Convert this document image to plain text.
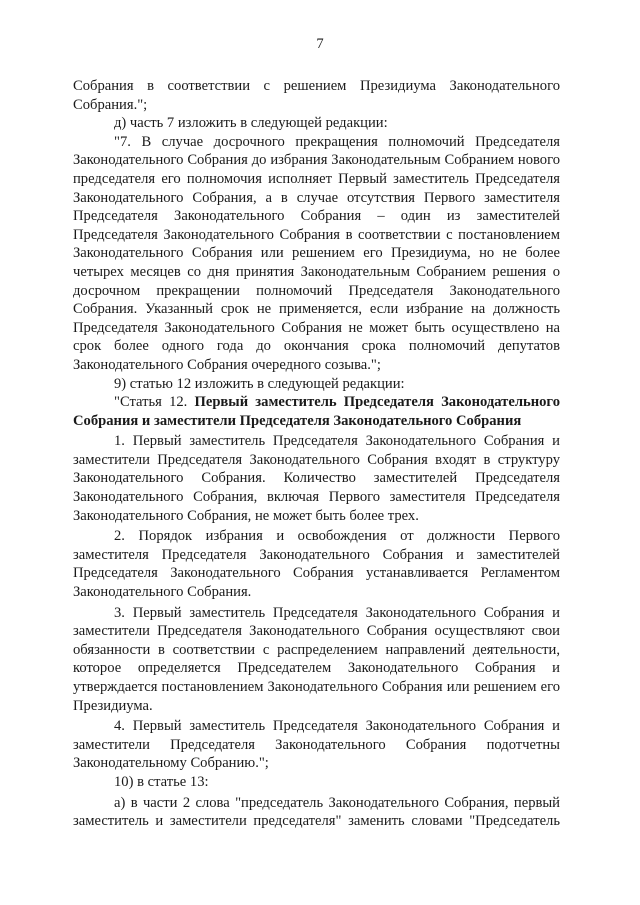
7

Собрания в соответствии с решением Президиума Законодательного Собрания.";

д) часть 7 изложить в следующей редакции:

"7. В случае досрочного прекращения полномочий Председателя Законодательного Собрания до избрания Законодательным Собранием нового председателя его полномочия исполняет Первый заместитель Председателя Законодательного Собрания, а в случае отсутствия Первого заместителя Председателя Законодательного Собрания – один из заместителей Председателя Законодательного Собрания в соответствии с постановлением Законодательного Собрания или решением его Президиума, но не более четырех месяцев со дня принятия Законодательным Собранием решения о досрочном прекращении полномочий Председателя Законодательного Собрания. Указанный срок не применяется, если избрание на должность Председателя Законодательного Собрания не может быть осуществлено на срок более одного года до окончания срока полномочий депутатов Законодательного Собрания очередного созыва.";

9) статью 12 изложить в следующей редакции:

"Статья 12. Первый заместитель Председателя Законодательного Собрания и заместители Председателя Законодательного Собрания

1. Первый заместитель Председателя Законодательного Собрания и заместители Председателя Законодательного Собрания входят в структуру Законодательного Собрания. Количество заместителей Председателя Законодательного Собрания, включая Первого заместителя Председателя Законодательного Собрания, не может быть более трех.

2. Порядок избрания и освобождения от должности Первого заместителя Председателя Законодательного Собрания и заместителей Председателя Законодательного Собрания устанавливается Регламентом Законодательного Собрания.

3. Первый заместитель Председателя Законодательного Собрания и заместители Председателя Законодательного Собрания осуществляют свои обязанности в соответствии с распределением направлений деятельности, которое определяется Председателем Законодательного Собрания и утверждается постановлением Законодательного Собрания или решением его Президиума.

4. Первый заместитель Председателя Законодательного Собрания и заместители Председателя Законодательного Собрания подотчетны Законодательному Собранию.";

10) в статье 13:

а) в части 2 слова "председатель Законодательного Собрания, первый заместитель и заместители председателя" заменить словами "Председатель
